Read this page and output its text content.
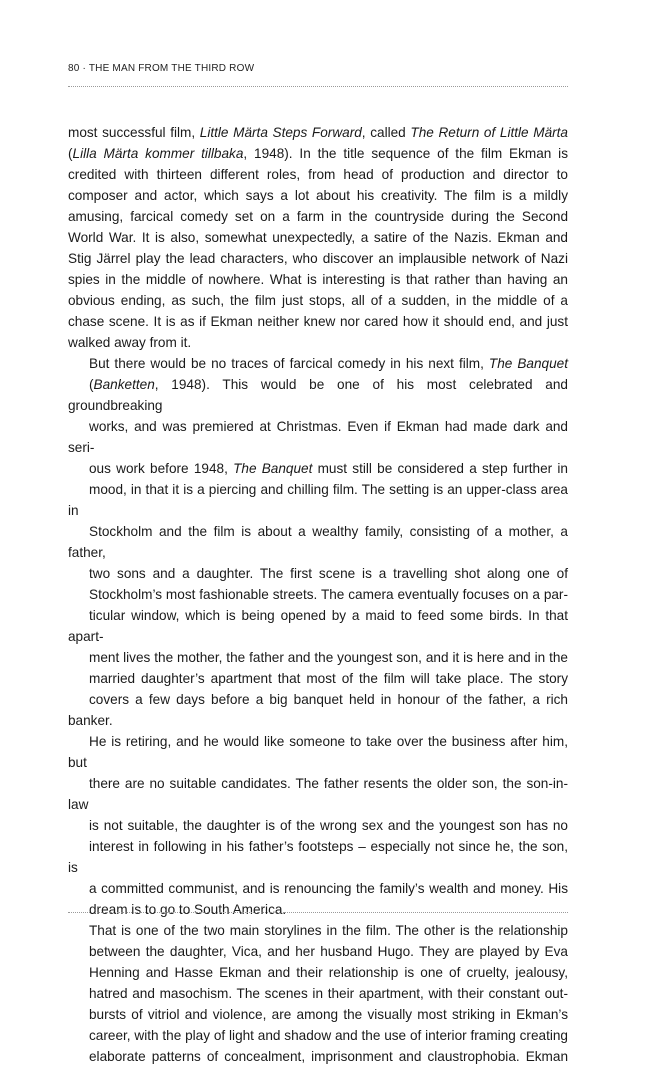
80 · THE MAN FROM THE THIRD ROW

most successful film, Little Märta Steps Forward, called The Return of Little Märta
(Lilla Märta kommer tillbaka, 1948). In the title sequence of the film Ekman is
credited with thirteen different roles, from head of production and director to
composer and actor, which says a lot about his creativity. The film is a mildly
amusing, farcical comedy set on a farm in the countryside during the Second
World War. It is also, somewhat unexpectedly, a satire of the Nazis. Ekman and
Stig Järrel play the lead characters, who discover an implausible network of Nazi
spies in the middle of nowhere. What is interesting is that rather than having an
obvious ending, as such, the film just stops, all of a sudden, in the middle of a
chase scene. It is as if Ekman neither knew nor cared how it should end, and just
walked away from it.

But there would be no traces of farcical comedy in his next film, The Banquet
(Banketten, 1948). This would be one of his most celebrated and groundbreaking
works, and was premiered at Christmas. Even if Ekman had made dark and seri-
ous work before 1948, The Banquet must still be considered a step further in
mood, in that it is a piercing and chilling film. The setting is an upper-class area in
Stockholm and the film is about a wealthy family, consisting of a mother, a father,
two sons and a daughter. The first scene is a travelling shot along one of
Stockholm’s most fashionable streets. The camera eventually focuses on a par-
ticular window, which is being opened by a maid to feed some birds. In that apart-
ment lives the mother, the father and the youngest son, and it is here and in the
married daughter’s apartment that most of the film will take place. The story
covers a few days before a big banquet held in honour of the father, a rich banker.
He is retiring, and he would like someone to take over the business after him, but
there are no suitable candidates. The father resents the older son, the son-in-law
is not suitable, the daughter is of the wrong sex and the youngest son has no
interest in following in his father’s footsteps – especially not since he, the son, is
a committed communist, and is renouncing the family’s wealth and money. His
dream is to go to South America.

That is one of the two main storylines in the film. The other is the relationship
between the daughter, Vica, and her husband Hugo. They are played by Eva
Henning and Hasse Ekman and their relationship is one of cruelty, jealousy,
hatred and masochism. The scenes in their apartment, with their constant out-
bursts of vitriol and violence, are among the visually most striking in Ekman’s
career, with the play of light and shadow and the use of interior framing creating
elaborate patterns of concealment, imprisonment and claustrophobia. Ekman
